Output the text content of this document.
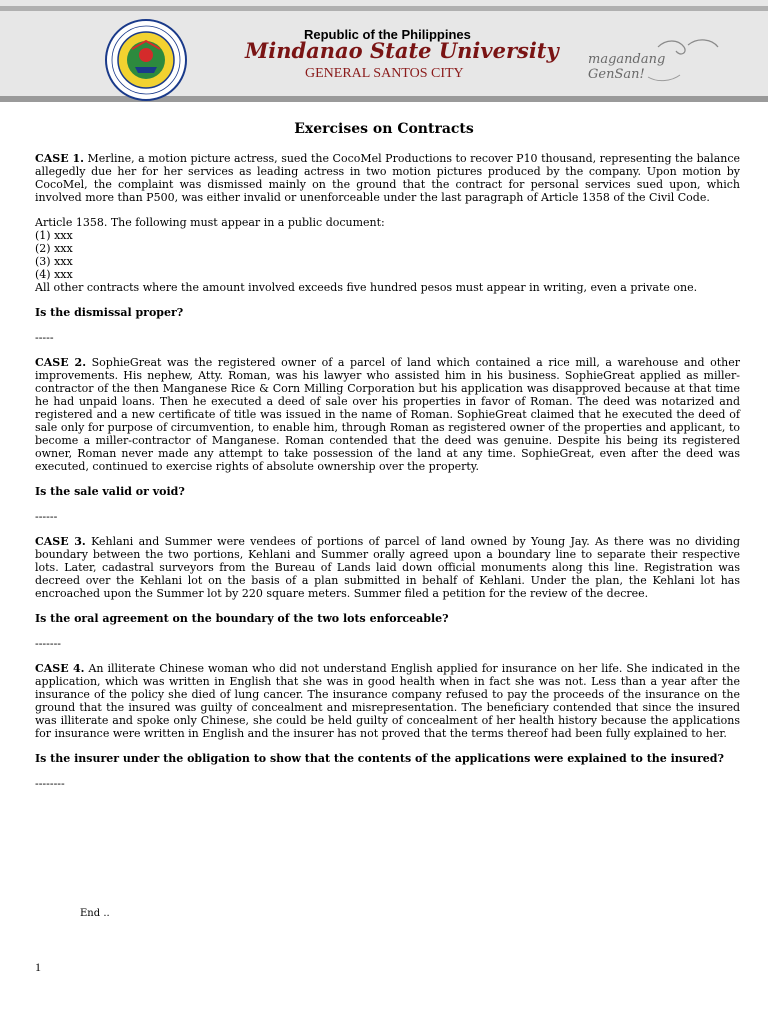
Republic of the Philippines
Mindanao State University
GENERAL SANTOS CITY
magandang GenSan!
Exercises on Contracts

CASE 1. Merline, a motion picture actress, sued the CocoMel Productions to recover P10 thousand, representing the balance allegedly due her for her services as leading actress in two motion pictures produced by the company. Upon motion by CocoMel, the complaint was dismissed mainly on the ground that the contract for personal services sued upon, which involved more than P500, was either invalid or unenforceable under the last paragraph of Article 1358 of the Civil Code.

Article 1358. The following must appear in a public document:

(1) xxx

(2) xxx

(3) xxx

(4) xxx

All other contracts where the amount involved exceeds five hundred pesos must appear in writing, even a private one.

Is the dismissal proper?

-----

CASE 2. SophieGreat was the registered owner of a parcel of land which contained a rice mill, a warehouse and other improvements. His nephew, Atty. Roman, was his lawyer who assisted him in his business. SophieGreat applied as miller-contractor of the then Manganese Rice & Corn Milling Corporation but his application was disapproved because at that time he had unpaid loans. Then he executed a deed of sale over his properties in favor of Roman. The deed was notarized and registered and a new certificate of title was issued in the name of Roman. SophieGreat claimed that he executed the deed of sale only for purpose of circumvention, to enable him, through Roman as registered owner of the properties and applicant, to become a miller-contractor of Manganese. Roman contended that the deed was genuine. Despite his being its registered owner, Roman never made any attempt to take possession of the land at any time. SophieGreat, even after the deed was executed, continued to exercise rights of absolute ownership over the property.

Is the sale valid or void?

------

CASE 3. Kehlani and Summer were vendees of portions of parcel of land owned by Young Jay. As there was no dividing boundary between the two portions, Kehlani and Summer orally agreed upon a boundary line to separate their respective lots. Later, cadastral surveyors from the Bureau of Lands laid down official monuments along this line. Registration was decreed over the Kehlani lot on the basis of a plan submitted in behalf of Kehlani. Under the plan, the Kehlani lot has encroached upon the Summer lot by 220 square meters. Summer filed a petition for the review of the decree.

Is the oral agreement on the boundary of the two lots enforceable?

-------

CASE 4. An illiterate Chinese woman who did not understand English applied for insurance on her life. She indicated in the application, which was written in English that she was in good health when in fact she was not. Less than a year after the insurance of the policy she died of lung cancer. The insurance company refused to pay the proceeds of the insurance on the ground that the insured was guilty of concealment and misrepresentation. The beneficiary contended that since the insured was illiterate and spoke only Chinese, she could be held guilty of concealment of her health history because the applications for insurance were written in English and the insurer has not proved that the terms thereof had been fully explained to her.

Is the insurer under the obligation to show that the contents of the applications were explained to the insured?

--------

End ..
1
